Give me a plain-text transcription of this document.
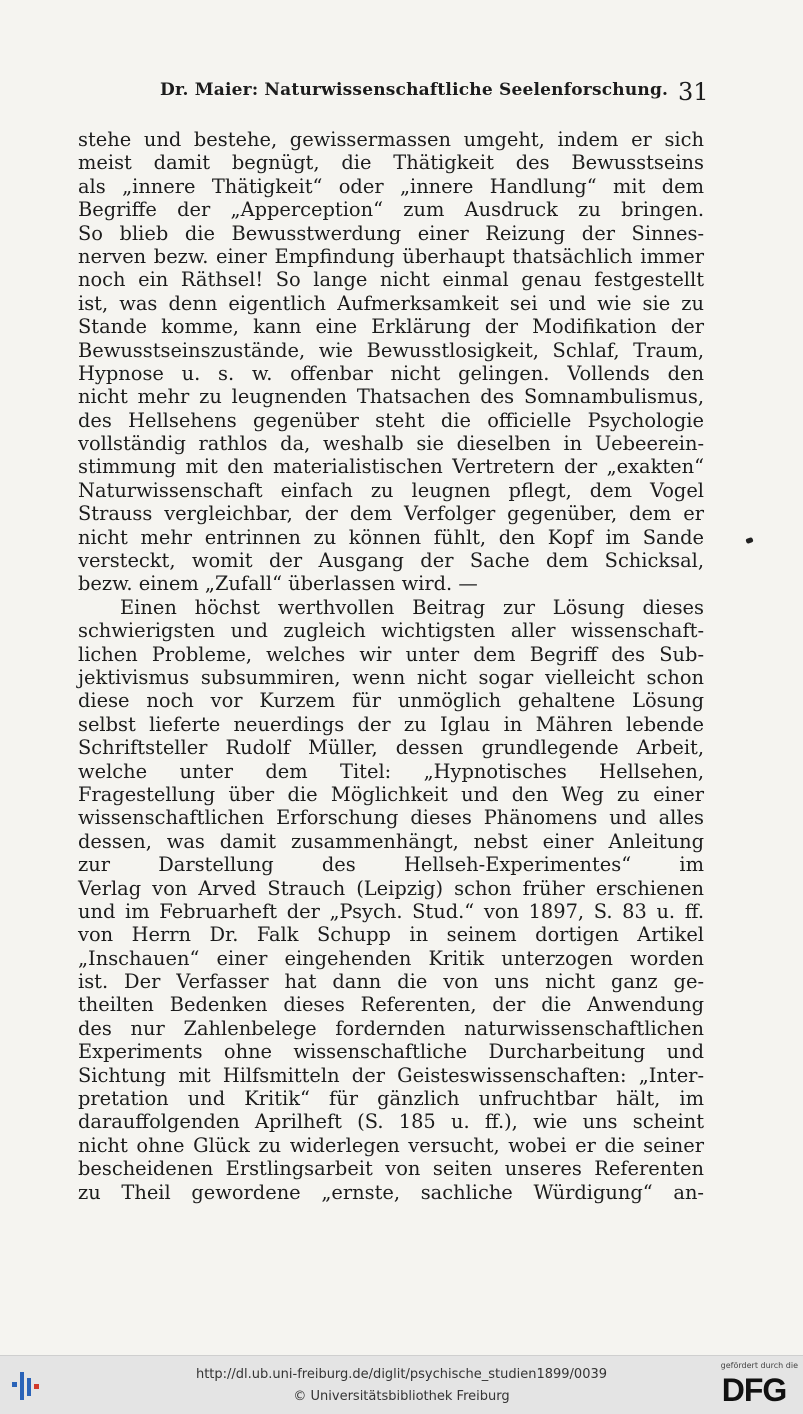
Dr. Maier: Naturwissenschaftliche Seelenforschung. 31
stehe und bestehe, gewissermassen umgeht, indem er sich
meist damit begnügt, die Thätigkeit des Bewusstseins
als „innere Thätigkeit“ oder „innere Handlung“ mit dem
Begriffe der „Apperception“ zum Ausdruck zu bringen.
So blieb die Bewusstwerdung einer Reizung der Sinnes-
nerven bezw. einer Empfindung überhaupt thatsächlich immer
noch ein Räthsel! So lange nicht einmal genau festgestellt
ist, was denn eigentlich Aufmerksamkeit sei und wie sie zu
Stande komme, kann eine Erklärung der Modifikation der
Bewusstseinszustände, wie Bewusstlosigkeit, Schlaf, Traum,
Hypnose u. s. w. offenbar nicht gelingen. Vollends den
nicht mehr zu leugnenden Thatsachen des Somnambulismus,
des Hellsehens gegenüber steht die officielle Psychologie
vollständig rathlos da, weshalb sie dieselben in Uebeerein-
stimmung mit den materialistischen Vertretern der „exakten“
Naturwissenschaft einfach zu leugnen pflegt, dem Vogel
Strauss vergleichbar, der dem Verfolger gegenüber, dem er
nicht mehr entrinnen zu können fühlt, den Kopf im Sande
versteckt, womit der Ausgang der Sache dem Schicksal,
bezw. einem „Zufall“ überlassen wird. —
Einen höchst werthvollen Beitrag zur Lösung dieses
schwierigsten und zugleich wichtigsten aller wissenschaft-
lichen Probleme, welches wir unter dem Begriff des Sub-
jektivismus subsummiren, wenn nicht sogar vielleicht schon
diese noch vor Kurzem für unmöglich gehaltene Lösung
selbst lieferte neuerdings der zu Iglau in Mähren lebende
Schriftsteller Rudolf Müller, dessen grundlegende Arbeit,
welche unter dem Titel: „Hypnotisches Hellsehen,
Fragestellung über die Möglichkeit und den Weg zu einer
wissenschaftlichen Erforschung dieses Phänomens und alles
dessen, was damit zusammenhängt, nebst einer Anleitung
zur Darstellung des Hellseh-Experimentes“ im
Verlag von Arved Strauch (Leipzig) schon früher erschienen
und im Februarheft der „Psych. Stud.“ von 1897, S. 83 u. ff.
von Herrn Dr. Falk Schupp in seinem dortigen Artikel
„Inschauen“ einer eingehenden Kritik unterzogen worden
ist. Der Verfasser hat dann die von uns nicht ganz ge-
theilten Bedenken dieses Referenten, der die Anwendung
des nur Zahlenbelege fordernden naturwissenschaftlichen
Experiments ohne wissenschaftliche Durcharbeitung und
Sichtung mit Hilfsmitteln der Geisteswissenschaften: „Inter-
pretation und Kritik“ für gänzlich unfruchtbar hält, im
darauffolgenden Aprilheft (S. 185 u. ff.), wie uns scheint
nicht ohne Glück zu widerlegen versucht, wobei er die seiner
bescheidenen Erstlingsarbeit von seiten unseres Referenten
zu Theil gewordene „ernste, sachliche Würdigung“ an-
http://dl.ub.uni-freiburg.de/diglit/psychische_studien1899/0039
© Universitätsbibliothek Freiburg
gefördert durch die
DFG
